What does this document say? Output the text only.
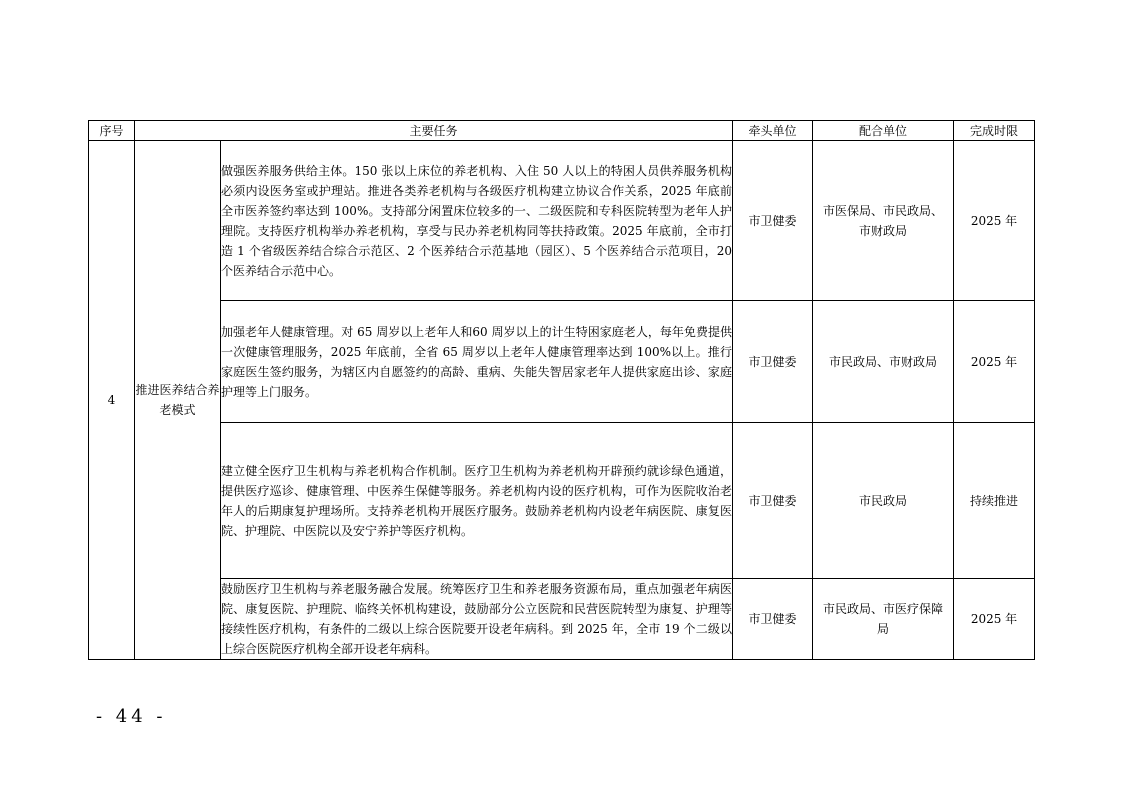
序号	主要任务		牵头单位	配合单位	完成时限
4	推进医养结合养老模式	做强医养服务供给主体。150 张以上床位的养老机构、入住 50 人以上的特困人员供养服务机构必须内设医务室或护理站。推进各类养老机构与各级医疗机构建立协议合作关系，2025 年底前全市医养签约率达到 100%。支持部分闲置床位较多的一、二级医院和专科医院转型为老年人护理院。支持医疗机构举办养老机构，享受与民办养老机构同等扶持政策。2025 年底前，全市打造 1 个省级医养结合综合示范区、2 个医养结合示范基地（园区）、5 个医养结合示范项目，20 个医养结合示范中心。	市卫健委	市医保局、市民政局、市财政局	2025 年
		加强老年人健康管理。对 65 周岁以上老年人和60 周岁以上的计生特困家庭老人，每年免费提供一次健康管理服务，2025 年底前，全省 65 周岁以上老年人健康管理率达到 100%以上。推行家庭医生签约服务，为辖区内自愿签约的高龄、重病、失能失智居家老年人提供家庭出诊、家庭护理等上门服务。	市卫健委	市民政局、市财政局	2025 年
		建立健全医疗卫生机构与养老机构合作机制。医疗卫生机构为养老机构开辟预约就诊绿色通道，提供医疗巡诊、健康管理、中医养生保健等服务。养老机构内设的医疗机构，可作为医院收治老年人的后期康复护理场所。支持养老机构开展医疗服务。鼓励养老机构内设老年病医院、康复医院、护理院、中医院以及安宁养护等医疗机构。	市卫健委	市民政局	持续推进
		鼓励医疗卫生机构与养老服务融合发展。统筹医疗卫生和养老服务资源布局，重点加强老年病医院、康复医院、护理院、临终关怀机构建设，鼓励部分公立医院和民营医院转型为康复、护理等接续性医疗机构，有条件的二级以上综合医院要开设老年病科。到 2025 年，全市 19 个二级以上综合医院医疗机构全部开设老年病科。	市卫健委	市民政局、市医疗保障局	2025 年
- 44 -
